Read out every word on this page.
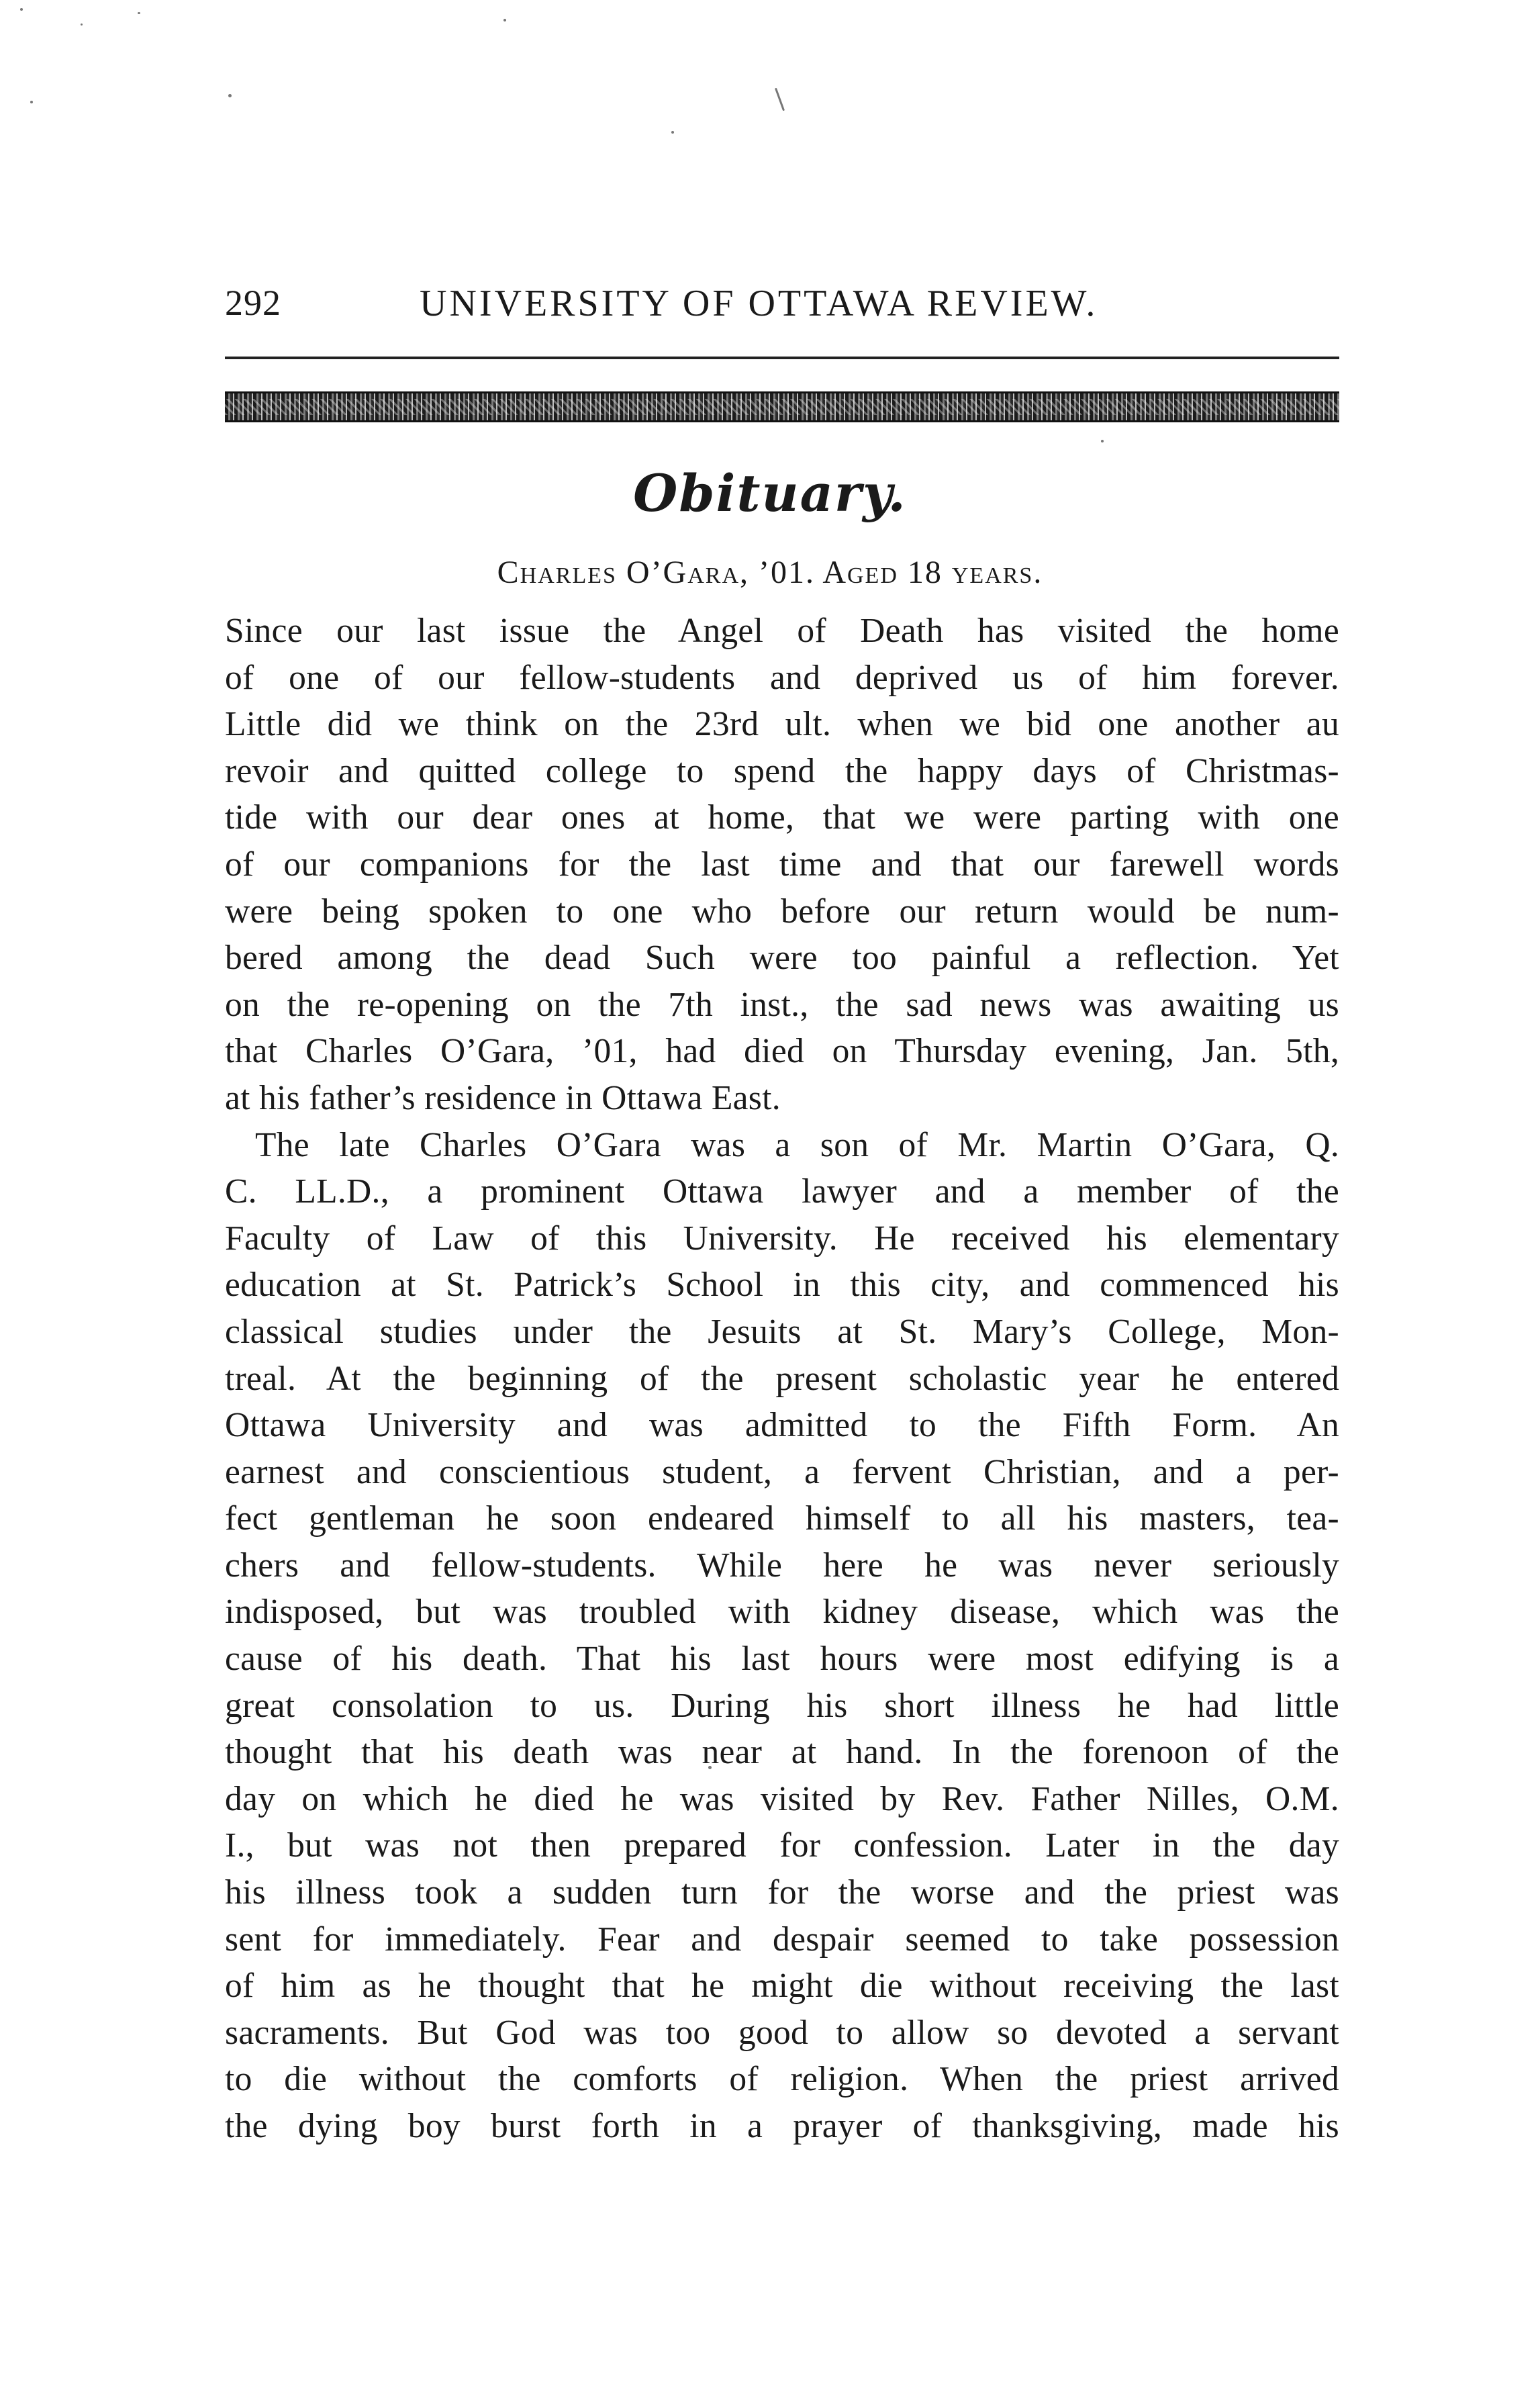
292	UNIVERSITY OF OTTAWA REVIEW.
Obituary.
Charles O’Gara, ’01. Aged 18 years.
Since our last issue the Angel of Death has visited the home
of one of our fellow-students and deprived us of him forever.
Little did we think on the 23rd ult. when we bid one another au
revoir and quitted college to spend the happy days of Christmas-
tide with our dear ones at home, that we were parting with one
of our companions for the last time and that our farewell words
were being spoken to one who before our return would be num-
bered among the dead Such were too painful a reflection. Yet
on the re-opening on the 7th inst., the sad news was awaiting us
that Charles O’Gara, ’01, had died on Thursday evening, Jan. 5th,
at his father’s residence in Ottawa East.
The late Charles O’Gara was a son of Mr. Martin O’Gara, Q.
C. LL.D., a prominent Ottawa lawyer and a member of the
Faculty of Law of this University. He received his elementary
education at St. Patrick’s School in this city, and commenced his
classical studies under the Jesuits at St. Mary’s College, Mon-
treal. At the beginning of the present scholastic year he entered
Ottawa University and was admitted to the Fifth Form. An
earnest and conscientious student, a fervent Christian, and a per-
fect gentleman he soon endeared himself to all his masters, tea-
chers and fellow-students. While here he was never seriously
indisposed, but was troubled with kidney disease, which was the
cause of his death. That his last hours were most edifying is a
great consolation to us. During his short illness he had little
thought that his death was near at hand. In the forenoon of the
day on which he died he was visited by Rev. Father Nilles, O.M.
I., but was not then prepared for confession. Later in the day
his illness took a sudden turn for the worse and the priest was
sent for immediately. Fear and despair seemed to take possession
of him as he thought that he might die without receiving the last
sacraments. But God was too good to allow so devoted a servant
to die without the comforts of religion. When the priest arrived
the dying boy burst forth in a prayer of thanksgiving, made his
